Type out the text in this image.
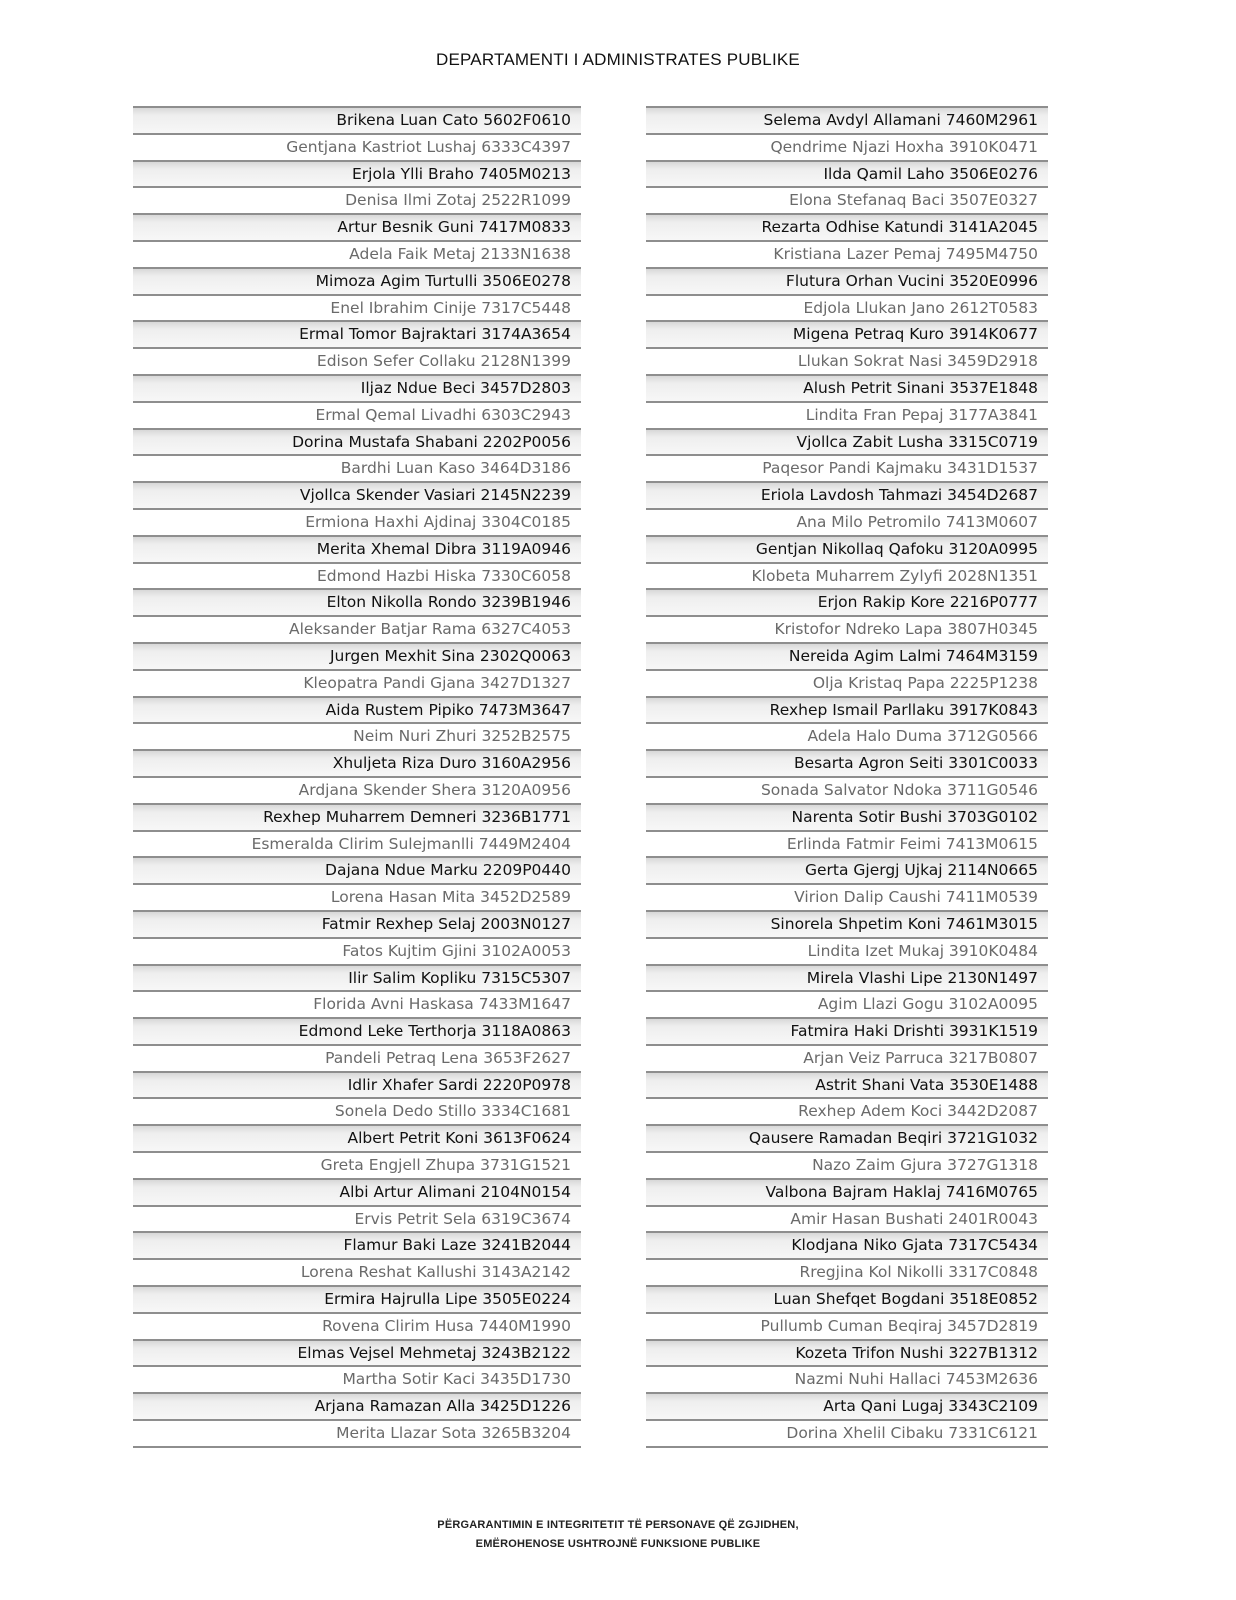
DEPARTAMENTI I ADMINISTRATES PUBLIKE
Brikena Luan Cato 5602F0610
Gentjana Kastriot Lushaj 6333C4397
Erjola Ylli Braho 7405M0213
Denisa Ilmi Zotaj 2522R1099
Artur Besnik Guni 7417M0833
Adela Faik Metaj 2133N1638
Mimoza Agim Turtulli 3506E0278
Enel Ibrahim Cinije 7317C5448
Ermal Tomor Bajraktari 3174A3654
Edison Sefer Collaku 2128N1399
Iljaz Ndue Beci 3457D2803
Ermal Qemal Livadhi 6303C2943
Dorina Mustafa Shabani 2202P0056
Bardhi Luan Kaso 3464D3186
Vjollca Skender Vasiari 2145N2239
Ermiona Haxhi Ajdinaj 3304C0185
Merita Xhemal Dibra 3119A0946
Edmond Hazbi Hiska 7330C6058
Elton Nikolla Rondo 3239B1946
Aleksander Batjar Rama 6327C4053
Jurgen Mexhit Sina 2302Q0063
Kleopatra Pandi Gjana 3427D1327
Aida Rustem Pipiko 7473M3647
Neim Nuri Zhuri 3252B2575
Xhuljeta Riza Duro 3160A2956
Ardjana Skender Shera 3120A0956
Rexhep Muharrem Demneri 3236B1771
Esmeralda Clirim Sulejmanlli 7449M2404
Dajana Ndue Marku 2209P0440
Lorena Hasan Mita 3452D2589
Fatmir Rexhep Selaj 2003N0127
Fatos Kujtim Gjini 3102A0053
Ilir Salim Kopliku 7315C5307
Florida Avni Haskasa 7433M1647
Edmond Leke Terthorja 3118A0863
Pandeli Petraq Lena 3653F2627
Idlir Xhafer Sardi 2220P0978
Sonela Dedo Stillo 3334C1681
Albert Petrit Koni 3613F0624
Greta Engjell Zhupa 3731G1521
Albi Artur Alimani 2104N0154
Ervis Petrit Sela 6319C3674
Flamur Baki Laze 3241B2044
Lorena Reshat Kallushi 3143A2142
Ermira Hajrulla Lipe 3505E0224
Rovena Clirim Husa 7440M1990
Elmas Vejsel Mehmetaj 3243B2122
Martha Sotir Kaci 3435D1730
Arjana Ramazan Alla 3425D1226
Merita Llazar Sota 3265B3204
Selema Avdyl Allamani 7460M2961
Qendrime Njazi Hoxha 3910K0471
Ilda Qamil Laho 3506E0276
Elona Stefanaq Baci 3507E0327
Rezarta Odhise Katundi 3141A2045
Kristiana Lazer Pemaj 7495M4750
Flutura Orhan Vucini 3520E0996
Edjola Llukan Jano 2612T0583
Migena Petraq Kuro 3914K0677
Llukan Sokrat Nasi 3459D2918
Alush Petrit Sinani 3537E1848
Lindita Fran Pepaj 3177A3841
Vjollca Zabit Lusha 3315C0719
Paqesor Pandi Kajmaku 3431D1537
Eriola Lavdosh Tahmazi 3454D2687
Ana Milo Petromilo 7413M0607
Gentjan Nikollaq Qafoku 3120A0995
Klobeta Muharrem Zylyfi 2028N1351
Erjon Rakip Kore 2216P0777
Kristofor Ndreko Lapa 3807H0345
Nereida Agim Lalmi 7464M3159
Olja Kristaq Papa 2225P1238
Rexhep Ismail Parllaku 3917K0843
Adela Halo Duma 3712G0566
Besarta Agron Seiti 3301C0033
Sonada Salvator Ndoka 3711G0546
Narenta Sotir Bushi 3703G0102
Erlinda Fatmir Feimi 7413M0615
Gerta Gjergj Ujkaj 2114N0665
Virion Dalip Caushi 7411M0539
Sinorela Shpetim Koni 7461M3015
Lindita Izet Mukaj 3910K0484
Mirela Vlashi Lipe 2130N1497
Agim Llazi Gogu 3102A0095
Fatmira Haki Drishti 3931K1519
Arjan Veiz Parruca 3217B0807
Astrit Shani Vata 3530E1488
Rexhep Adem Koci 3442D2087
Qausere Ramadan Beqiri 3721G1032
Nazo Zaim Gjura 3727G1318
Valbona Bajram Haklaj 7416M0765
Amir Hasan Bushati 2401R0043
Klodjana Niko Gjata 7317C5434
Rregjina Kol Nikolli 3317C0848
Luan Shefqet Bogdani 3518E0852
Pullumb Cuman Beqiraj 3457D2819
Kozeta Trifon Nushi 3227B1312
Nazmi Nuhi Hallaci 7453M2636
Arta Qani Lugaj 3343C2109
Dorina Xhelil Cibaku 7331C6121
PËRGARANTIMIN E INTEGRITETIT TË PERSONAVE QË ZGJIDHEN,
EMËROHENOSE USHTROJNË FUNKSIONE PUBLIKE
